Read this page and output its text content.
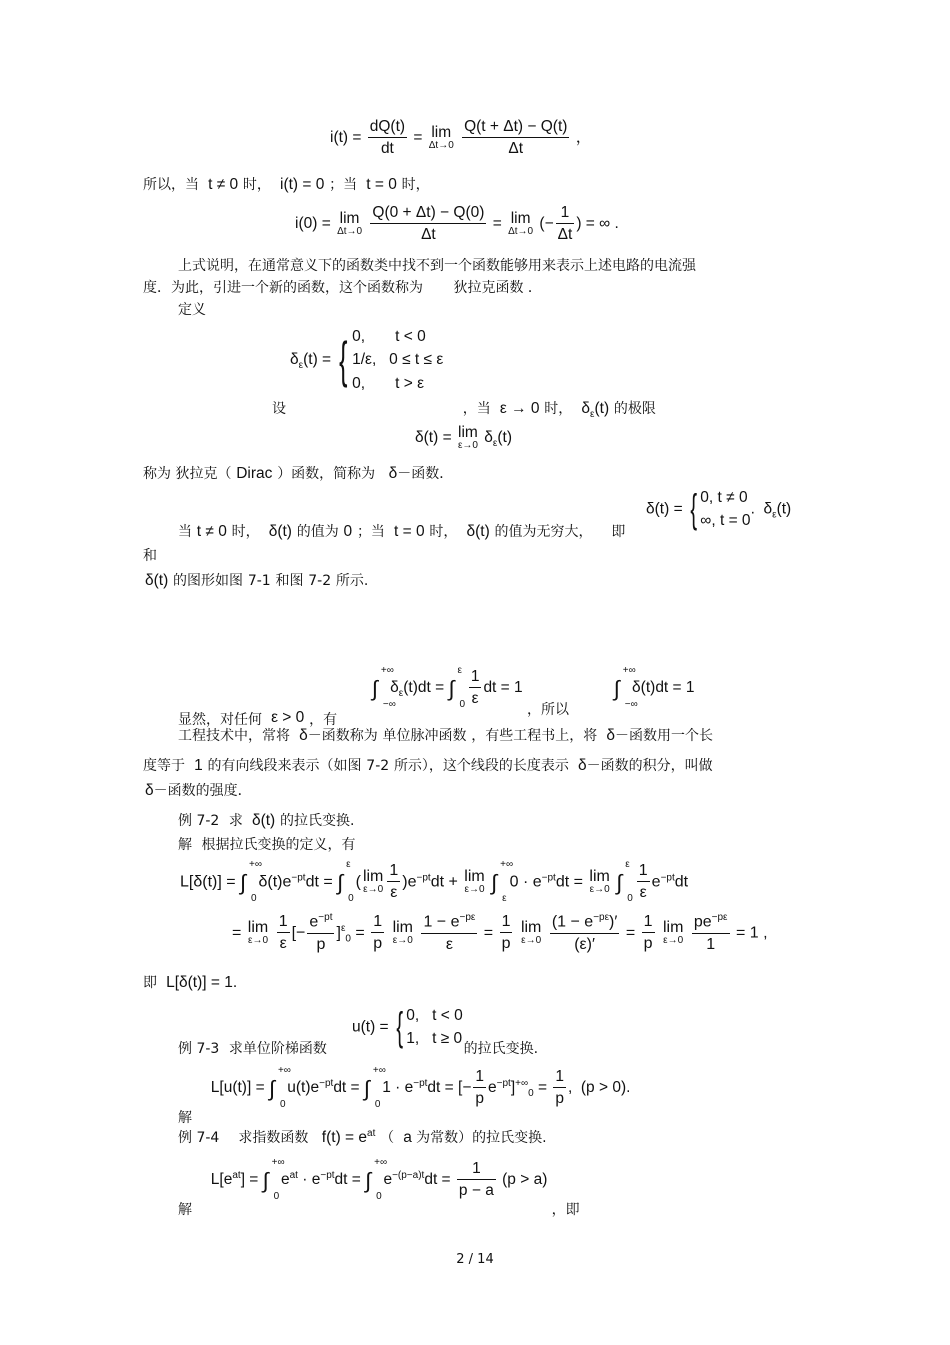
$i(t) = \frac{dQ(t)}{dt} = \lim$
Δt→0
$\frac{Q(t + \Delta t) - Q(t)}{\Delta t}$ ，
所以，当  t ≠ 0 时，  i(t) = 0 ；当  t = 0 时，
i(0) = lim
Δt→0
$\frac{Q(0 + \Delta t) - Q(0)}{\Delta t} = \lim$
Δt→0 (− $\frac{1}{\Delta t}$ ) = ∞ .
上式说明，在通常意义下的函数类中找不到一个函数能够用来表示上述电路的电流强
度．为此，引进一个新的函数，这个函数称为 狄拉克函数 ．
定义
$\delta_\varepsilon(t)$ = { 0,       t < 0
1/ε,   0 ≤ t ≤ ε
0,       t > ε
设	，当  ε → 0 时，  $\delta_\varepsilon(t)$ 的极限
δ(t) = lim
ε→0 $\delta_\varepsilon(t)$
称为 狄拉克（ Dirac ）函数，简称为   δ－函数．
δ(t) = { 0, t ≠ 0
∞, t = 0.  $\delta_\varepsilon(t)$
当 t ≠ 0 时，  δ(t) 的值为 0 ；当  t = 0 时，  δ(t) 的值为无穷大， 即
和
δ(t) 的图形如图 7-1 和图 7-2 所示.
显然，对任何  ε > 0 ，有
∫ +∞
−∞
$\delta_\varepsilon(t)dt$ =
∫ ε
0
$\frac{1}{\varepsilon}$ dt = 1 ，所以
∫ +∞
−∞
δ(t)dt = 1
工程技术中，常将  δ－函数称为 单位脉冲函数 ，有些工程书上，将  δ－函数用一个长
度等于 1 的有向线段来表示（如图 7-2 所示），这个线段的长度表示  δ－函数的积分，叫做
δ－函数的强度．
例 7-2 求  δ(t) 的拉氏变换.
解 根据拉氏变换的定义，有
L[δ(t)] =
∫ +∞
0
$\delta(t)e^{-pt}dt$ =
∫ ε
0
( lim
$\varepsilon\to 0 \frac{1}{\varepsilon} )e^{-pt}dt + \lim$
ε→0

∫ +∞
ε
$0 \cdot e^{-pt}dt = \lim$
ε→0

∫ ε
0
$\frac{1}{\varepsilon} e^{-pt}dt$
= lim
ε→0
$\frac{1}{\varepsilon}$ [− $\frac{e^{-pt}}{p} ]^\varepsilon_0 = \frac{1}{p}$ lim
ε→0
$\frac{1 - e^{-p\varepsilon}}{\varepsilon} = \frac{1}{p}$ lim
ε→0
$\frac{(1 - e^{-p\varepsilon})'}{(\varepsilon)'} = \frac{1}{p}$ lim
ε→0
$\frac{pe^{-p\varepsilon}}{1} = 1$ ,
即  L[δ(t)] = 1.
u(t) = { 0,   t < 0
1,   t ≥ 0
例 7-3 求单位阶梯函数	的拉氏变换.
解 L[u(t)] =
∫ +∞
0
$u(t)e^{-pt}dt$ =
∫ +∞
0
$1 \cdot e^{-pt}dt$ = [− $\frac{1}{p} e^{-pt}]^{+\infty}_0 = \frac{1}{p}$ ,  (p > 0).
例 7-4 求指数函数   $f(t) = e^{at}$ （  a 为常数）的拉氏变换.
解 $L[e^{at}]$ =
∫ +∞
0
$e^{at} \cdot e^{-pt}dt$ =
∫ +∞
0
$e^{-(p-a)t}dt = \frac{1}{p - a} (p > a)$ ，即
2 / 14
